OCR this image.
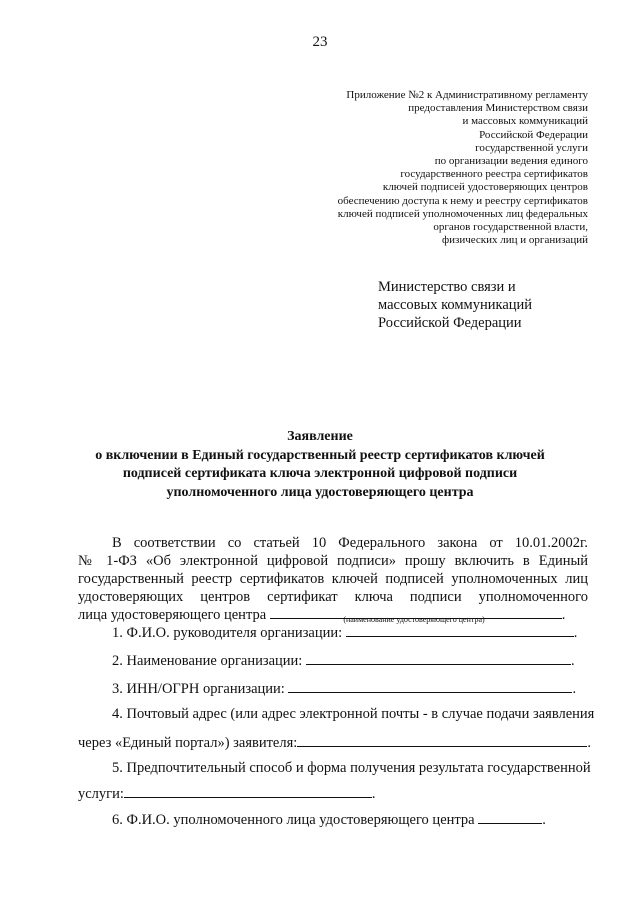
23
Приложение №2 к Административному регламенту
предоставления Министерством связи
и массовых коммуникаций
Российской Федерации
государственной услуги
по организации ведения единого
государственного реестра сертификатов
ключей подписей удостоверяющих центров
обеспечению доступа к нему и реестру сертификатов
ключей подписей уполномоченных лиц федеральных
органов государственной власти,
физических лиц и организаций
Министерство связи и
массовых коммуникаций
Российской Федерации
Заявление
о включении в Единый государственный реестр сертификатов ключей
подписей сертификата ключа электронной цифровой подписи
уполномоченного лица удостоверяющего центра
В соответствии со статьей 10 Федерального закона от 10.01.2002г.
№ 1-ФЗ «Об электронной цифровой подписи» прошу включить в Единый
государственный реестр сертификатов ключей подписей уполномоченных лиц
удостоверяющих центров сертификат ключа подписи уполномоченного
лица удостоверяющего центра	.
(наименование удостоверяющего центра)
1. Ф.И.О. руководителя организации:	.
2. Наименование организации:	.
3. ИНН/ОГРН организации:	.
4. Почтовый адрес (или адрес электронной почты - в случае подачи заявления
через «Единый портал») заявителя:	.
5. Предпочтительный способ и форма получения результата государственной
услуги:	.
6. Ф.И.О. уполномоченного лица удостоверяющего центра	.
